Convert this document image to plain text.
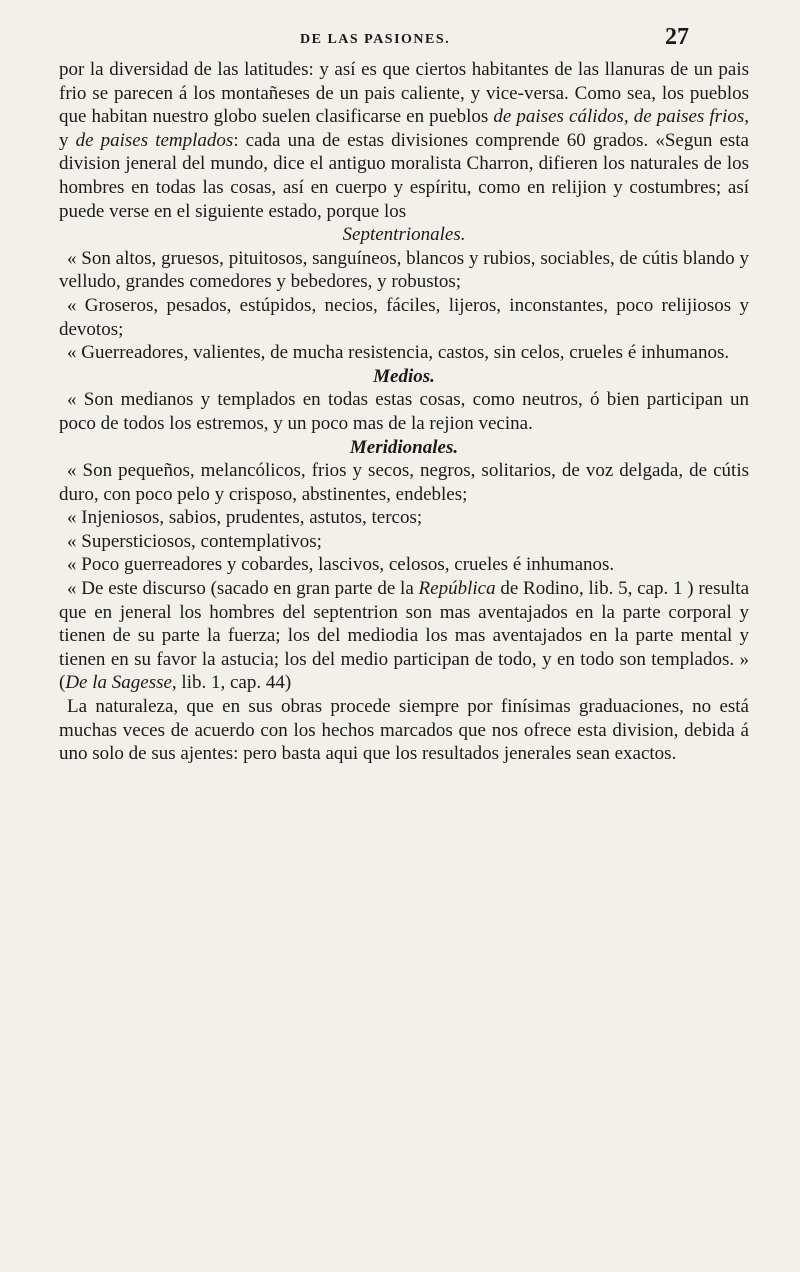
DE LAS PASIONES.	27

por la diversidad de las latitudes: y así es que ciertos habitantes de las llanuras de un pais frio se parecen á los montañeses de un pais caliente, y vice-versa. Como sea, los pueblos que habitan nuestro globo suelen clasificarse en pueblos de paises cálidos, de paises frios, y de paises templados: cada una de estas divisiones comprende 60 grados. «Segun esta division jeneral del mundo, dice el antiguo moralista Charron, difieren los naturales de los hombres en todas las cosas, así en cuerpo y espíritu, como en relijion y costumbres; así puede verse en el siguiente estado, porque los

Septentrionales.

« Son altos, gruesos, pituitosos, sanguíneos, blancos y rubios, sociables, de cútis blando y velludo, grandes comedores y bebedores, y robustos;

« Groseros, pesados, estúpidos, necios, fáciles, lijeros, inconstantes, poco relijiosos y devotos;

« Guerreadores, valientes, de mucha resistencia, castos, sin celos, crueles é inhumanos.

Medios.

« Son medianos y templados en todas estas cosas, como neutros, ó bien participan un poco de todos los estremos, y un poco mas de la rejion vecina.

Meridionales.

« Son pequeños, melancólicos, frios y secos, negros, solitarios, de voz delgada, de cútis duro, con poco pelo y crisposo, abstinentes, endebles;

« Injeniosos, sabios, prudentes, astutos, tercos;

« Supersticiosos, contemplativos;

« Poco guerreadores y cobardes, lascivos, celosos, crueles é inhumanos.

« De este discurso (sacado en gran parte de la República de Rodino, lib. 5, cap. 1 ) resulta que en jeneral los hombres del septentrion son mas aventajados en la parte corporal y tienen de su parte la fuerza; los del mediodia los mas aventajados en la parte mental y tienen en su favor la astucia; los del medio participan de todo, y en todo son templados. » (De la Sagesse, lib. 1, cap. 44)

La naturaleza, que en sus obras procede siempre por finísimas graduaciones, no está muchas veces de acuerdo con los hechos marcados que nos ofrece esta division, debida á uno solo de sus ajentes: pero basta aqui que los resultados jenerales sean exactos.
